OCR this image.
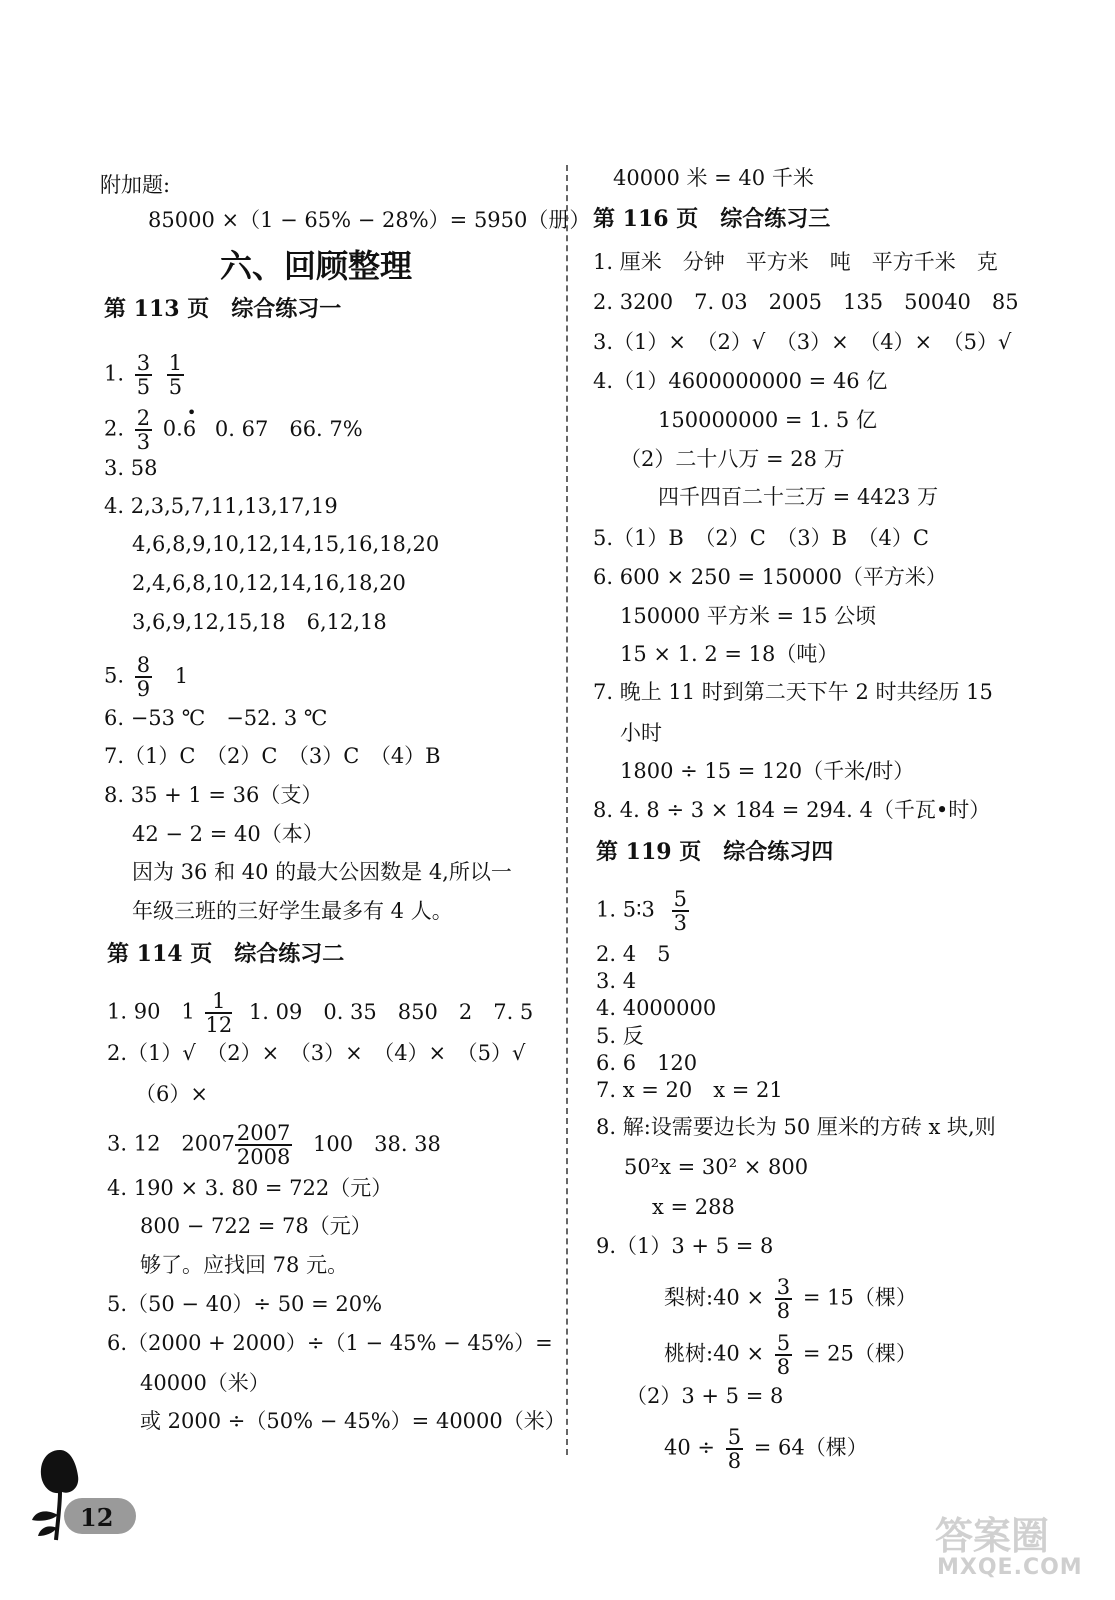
附加题:
85000 ×（1 − 65% − 28%）= 5950（册）
六、回顾整理
第 113 页　综合练习一
1. $\frac{3}{5}$
$\frac{1}{5}$
2. $\frac{2}{3} 0.6$
•
0. 67　66. 7%
3. 58
4. 2,3,5,7,11,13,17,19
4,6,8,9,10,12,14,15,16,18,20
2,4,6,8,10,12,14,16,18,20
3,6,9,12,15,18　6,12,18
5. $\frac{8}{9} 1$
6. −53 ℃　−52. 3 ℃
7.（1）C　（2）C　（3）C　（4）B
8. 35 + 1 = 36（支）
42 − 2 = 40（本）
因为 36 和 40 的最大公因数是 4,所以一
年级三班的三好学生最多有 4 人。
第 114 页　综合练习二
1. 90　$1 \frac{1}{12} 1$. 09　0. 35　850　2　7. 5
2.（1）√　（2）×　（3）×　（4）×　（5）√
（6）×
3. 12　$2007 \frac{2007}{2008} 100$　38. 38
4. 190 × 3. 80 = 722（元）
800 − 722 = 78（元）
够了。应找回 78 元。
5.（50 − 40）÷ 50 = 20%
6.（2000 + 2000）÷（1 − 45% − 45%）=
40000（米）
或 2000 ÷（50% − 45%）= 40000（米）
12
40000 米 = 40 千米
第 116 页　综合练习三
1. 厘米　分钟　平方米　吨　平方千米　克
2. 3200　7. 03　2005　135　50040　85
3.（1）×　（2）√　（3）×　（4）×　（5）√
4.（1）4600000000 = 46 亿
150000000 = 1. 5 亿
（2）二十八万 = 28 万
四千四百二十三万 = 4423 万
5.（1）B　（2）C　（3）B　（4）C
6. 600 × 250 = 150000（平方米）
150000 平方米 = 15 公顷
15 × 1. 2 = 18（吨）
7. 晚上 11 时到第二天下午 2 时共经历 15
小时
1800 ÷ 15 = 120（千米/时）
8. 4. 8 ÷ 3 × 184 = 294. 4（千瓦•时）
第 119 页　综合练习四
1. 5∶3 $\frac{5}{3}$
2. 4　5
3. 4
4. 4000000
5. 反
6. 6　120
7. x = 20　x = 21
8. 解:设需要边长为 50 厘米的方砖 x 块,则
50²x = 30² × 800
x = 288
9.（1）3 + 5 = 8
梨树:40 × $\frac{3}{8} = 15$（棵）
桃树:40 × $\frac{5}{8} = 25$（棵）
（2）3 + 5 = 8
$40 \div \frac{5}{8} = 64$（棵）
答案圈
MXQE.COM
